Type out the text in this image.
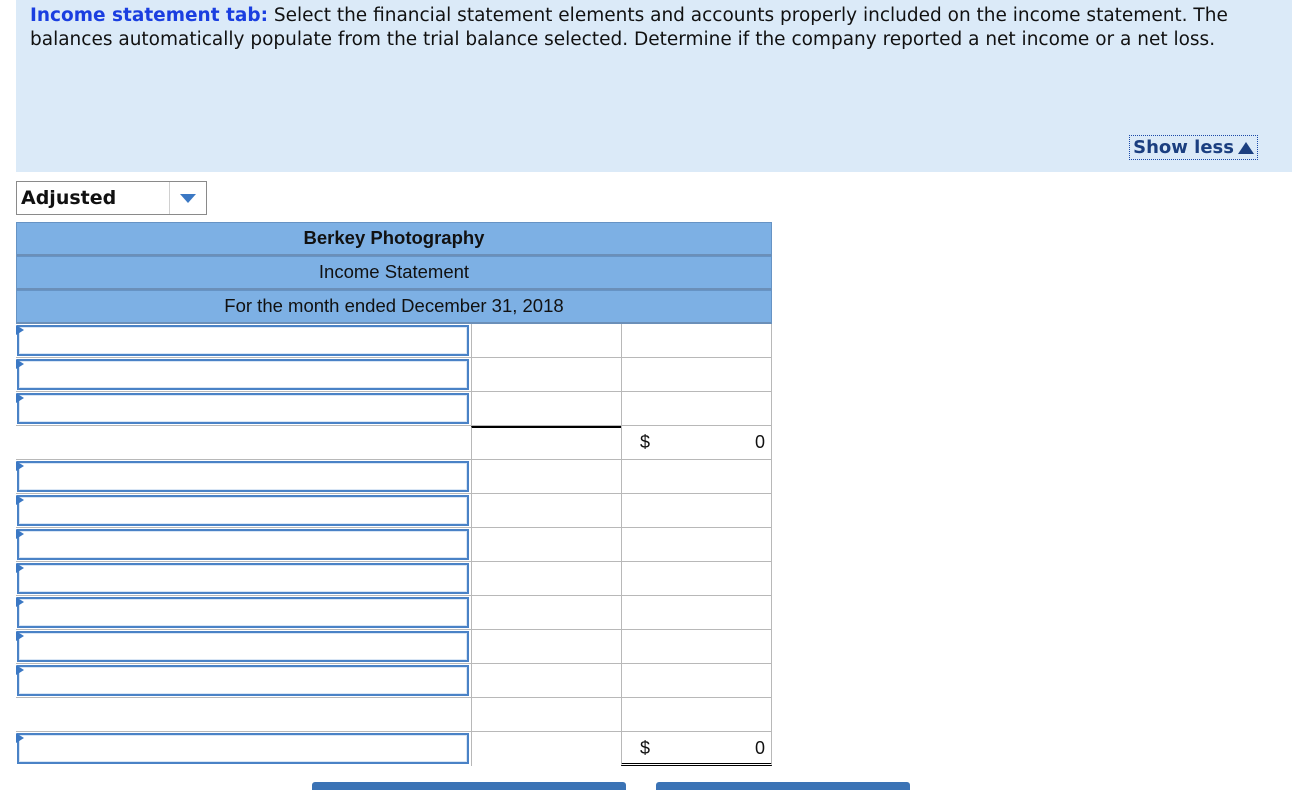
Income statement tab: Select the financial statement elements and accounts properly included on the income statement. The balances automatically populate from the trial balance selected. Determine if the company reported a net income or a net loss.
Show less
Adjusted
Berkey Photography
Income Statement
For the month ended December 31, 2018
$	0
$	0
